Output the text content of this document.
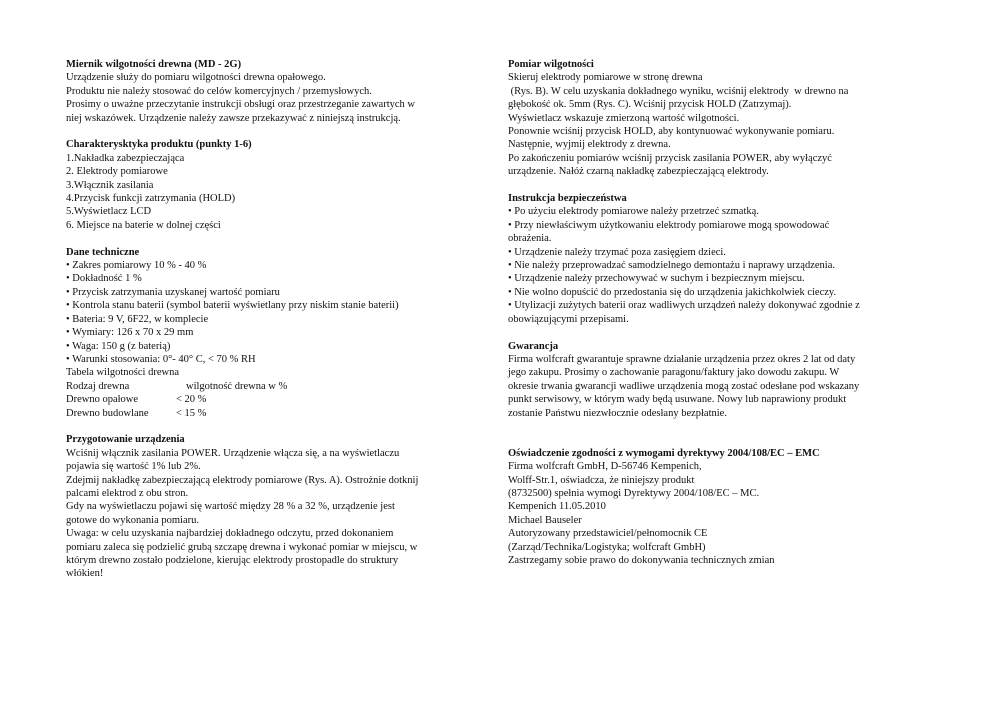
Miernik wilgotności drewna (MD - 2G)

Urządzenie służy do pomiaru wilgotności drewna opałowego.

Produktu nie należy stosować do celów komercyjnych / przemysłowych.

Prosimy o uważne przeczytanie instrukcji obsługi oraz przestrzeganie zawartych w

niej wskazówek. Urządzenie należy zawsze przekazywać z niniejszą instrukcją.

Charakterysktyka produktu (punkty 1-6)

1.Nakładka zabezpieczająca

2. Elektrody pomiarowe

3.Włącznik zasilania

4.Przycisk funkcji zatrzymania (HOLD)

5.Wyświetlacz LCD

6. Miejsce na baterie w dolnej części

Dane techniczne

• Zakres pomiarowy 10 % - 40 %

• Dokładność 1 %

• Przycisk zatrzymania uzyskanej wartość pomiaru

• Kontrola stanu baterii (symbol baterii wyświetlany przy niskim stanie baterii)

• Bateria: 9 V, 6F22, w komplecie

• Wymiary: 126 x 70 x 29 mm

• Waga: 150 g (z baterią)

• Warunki stosowania: 0°- 40° C, < 70 % RH

Tabela wilgotności drewna

Rodzaj drewna	wilgotność drewna w %
Drewno opałowe	< 20 %
Drewno budowlane	< 15 %
Przygotowanie urządzenia

Wciśnij włącznik zasilania POWER. Urządzenie włącza się, a na wyświetlaczu

pojawia się wartość 1% lub 2%.

Zdejmij nakładkę zabezpieczającą elektrody pomiarowe (Rys. A). Ostrożnie dotknij

palcami elektrod z obu stron.

Gdy na wyświetlaczu pojawi się wartość między 28 % a 32 %, urządzenie jest

gotowe do wykonania pomiaru.

Uwaga: w celu uzyskania najbardziej dokładnego odczytu, przed dokonaniem

pomiaru zaleca się podzielić grubą szczapę drewna i wykonać pomiar w miejscu, w

którym drewno zostało podzielone, kierując elektrody prostopadle do struktury

włókien!

Pomiar wilgotności

Skieruj elektrody pomiarowe w stronę drewna

(Rys. B). W celu uzyskania dokładnego wyniku, wciśnij elektrody  w drewno na

głębokość ok. 5mm (Rys. C). Wciśnij przycisk HOLD (Zatrzymaj).

Wyświetlacz wskazuje zmierzoną wartość wilgotności.

Ponownie wciśnij przycisk HOLD, aby kontynuować wykonywanie pomiaru.

Następnie, wyjmij elektrody z drewna.

Po zakończeniu pomiarów wciśnij przycisk zasilania POWER, aby wyłączyć

urządzenie. Nałóż czarną nakładkę zabezpieczającą elektrody.

Instrukcja bezpieczeństwa

• Po użyciu elektrody pomiarowe należy przetrzeć szmatką.

• Przy niewłaściwym użytkowaniu elektrody pomiarowe mogą spowodować

obrażenia.

• Urządzenie należy trzymać poza zasięgiem dzieci.

• Nie należy przeprowadzać samodzielnego demontażu i naprawy urządzenia.

• Urządzenie należy przechowywać w suchym i bezpiecznym miejscu.

• Nie wolno dopuścić do przedostania się do urządzenia jakichkolwiek cieczy.

• Utylizacji zużytych baterii oraz wadliwych urządzeń należy dokonywać zgodnie z

obowiązującymi przepisami.

Gwarancja

Firma wolfcraft gwarantuje sprawne działanie urządzenia przez okres 2 lat od daty

jego zakupu. Prosimy o zachowanie paragonu/faktury jako dowodu zakupu. W

okresie trwania gwarancji wadliwe urządzenia mogą zostać odesłane pod wskazany

punkt serwisowy, w którym wady będą usuwane. Nowy lub naprawiony produkt

zostanie Państwu niezwłocznie odesłany bezpłatnie.

Oświadczenie zgodności z wymogami dyrektywy 2004/108/EC – EMC

Firma wolfcraft GmbH, D-56746 Kempenich,

Wolff-Str.1, oświadcza, że niniejszy produkt

(8732500) spełnia wymogi Dyrektywy 2004/108/EC – MC.

Kempenich 11.05.2010

Michael Bauseler

Autoryzowany przedstawiciel/pełnomocnik CE

(Zarząd/Technika/Logistyka; wolfcraft GmbH)

Zastrzegamy sobie prawo do dokonywania technicznych zmian
